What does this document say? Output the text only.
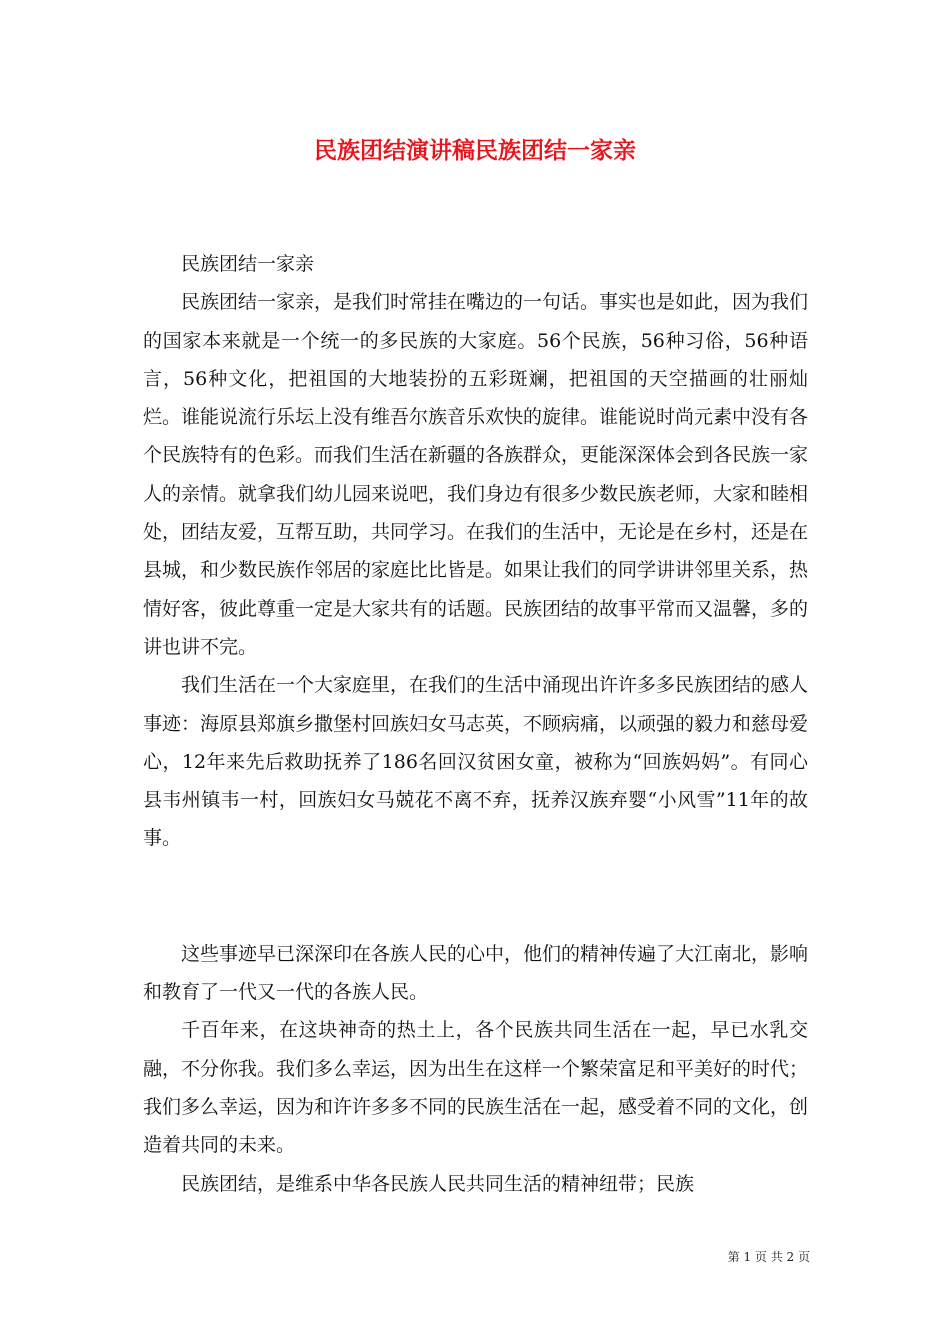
民族团结演讲稿民族团结一家亲

民族团结一家亲

民族团结一家亲，是我们时常挂在嘴边的一句话。事实也是如此，因为我们的国家本来就是一个统一的多民族的大家庭。56个民族，56种习俗，56种语言，56种文化，把祖国的大地装扮的五彩斑斓，把祖国的天空描画的壮丽灿烂。谁能说流行乐坛上没有维吾尔族音乐欢快的旋律。谁能说时尚元素中没有各个民族特有的色彩。而我们生活在新疆的各族群众，更能深深体会到各民族一家人的亲情。就拿我们幼儿园来说吧，我们身边有很多少数民族老师，大家和睦相处，团结友爱，互帮互助，共同学习。在我们的生活中，无论是在乡村，还是在县城，和少数民族作邻居的家庭比比皆是。如果让我们的同学讲讲邻里关系，热情好客，彼此尊重一定是大家共有的话题。民族团结的故事平常而又温馨，多的讲也讲不完。

我们生活在一个大家庭里，在我们的生活中涌现出许许多多民族团结的感人事迹：海原县郑旗乡撒堡村回族妇女马志英，不顾病痛，以顽强的毅力和慈母爱心，12年来先后救助抚养了186名回汉贫困女童，被称为“回族妈妈”。有同心县韦州镇韦一村，回族妇女马兢花不离不弃，抚养汉族弃婴“小风雪”11年的故事。

这些事迹早已深深印在各族人民的心中，他们的精神传遍了大江南北，影响和教育了一代又一代的各族人民。

千百年来，在这块神奇的热土上，各个民族共同生活在一起，早已水乳交融，不分你我。我们多么幸运，因为出生在这样一个繁荣富足和平美好的时代；我们多么幸运，因为和许许多多不同的民族生活在一起，感受着不同的文化，创造着共同的未来。

民族团结，是维系中华各民族人民共同生活的精神纽带；民族

第 1 页 共 2 页
